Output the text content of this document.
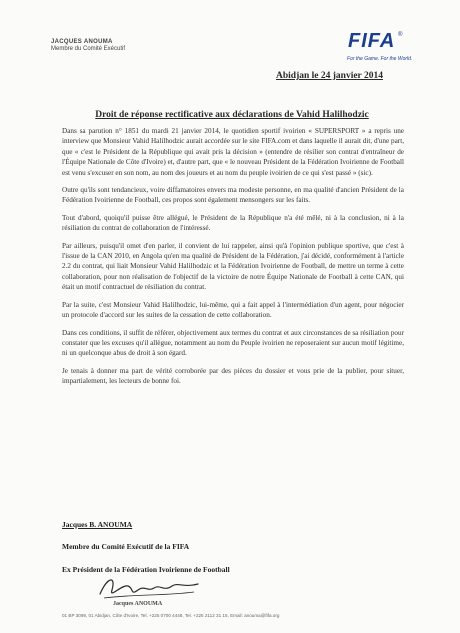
JACQUES ANOUMA
Membre du Comité Exécutif	FIFA ®
For the Game. For the World.
Abidjan le 24 janvier 2014
Droit de réponse rectificative aux déclarations de Vahid Halilhodzic

Dans sa parution n° 1851 du mardi 21 janvier 2014, le quotidien sportif ivoirien « SUPERSPORT » a repris une interview que Monsieur Vahid Halilhodzic aurait accordée sur le site FIFA.com et dans laquelle il aurait dit, d'une part, que « c'est le Président de la République qui avait pris la décision » (entendre de résilier son contrat d'entraîneur de l'Équipe Nationale de Côte d'Ivoire) et, d'autre part, que « le nouveau Président de la Fédération Ivoirienne de Football est venu s'excuser en son nom, au nom des joueurs et au nom du peuple ivoirien de ce qui s'est passé » (sic).

Outre qu'ils sont tendancieux, voire diffamatoires envers ma modeste personne, en ma qualité d'ancien Président de la Fédération Ivoirienne de Football, ces propos sont également mensongers sur les faits.

Tout d'abord, quoiqu'il puisse être allégué, le Président de la République n'a été mêlé, ni à la conclusion, ni à la résiliation du contrat de collaboration de l'intéressé.

Par ailleurs, puisqu'il omet d'en parler, il convient de lui rappeler, ainsi qu'à l'opinion publique sportive, que c'est à l'issue de la CAN 2010, en Angola qu'en ma qualité de Président de la Fédération, j'ai décidé, conformément à l'article 2.2 du contrat, qui liait Monsieur Vahid Halilhodzic et la Fédération Ivoirienne de Football, de mettre un terme à cette collaboration, pour non réalisation de l'objectif de la victoire de notre Équipe Nationale de Football à cette CAN, qui était un motif contractuel de résiliation du contrat.

Par la suite, c'est Monsieur Vahid Halilhodzic, lui-même, qui a fait appel à l'intermédiation d'un agent, pour négocier un protocole d'accord sur les suites de la cessation de cette collaboration.

Dans ces conditions, il suffit de référer, objectivement aux termes du contrat et aux circonstances de sa résiliation pour constater que les excuses qu'il allègue, notamment au nom du Peuple ivoirien ne reposeraient sur aucun motif légitime, ni un quelconque abus de droit à son égard.

Je tenais à donner ma part de vérité corroborée par des pièces du dossier et vous prie de la publier, pour situer, impartialement, les lecteurs de bonne foi.

Jacques B. ANOUMA
Membre du Comité Exécutif de la FIFA
Ex Président de la Fédération Ivoirienne de Football
Jacques ANOUMA
01 BP 3099, 01 Abidjan, Côte d'Ivoire, Tel. +225 0700 4448, Tel. +225 2112 31 15, Email: anouma@fifa.org
